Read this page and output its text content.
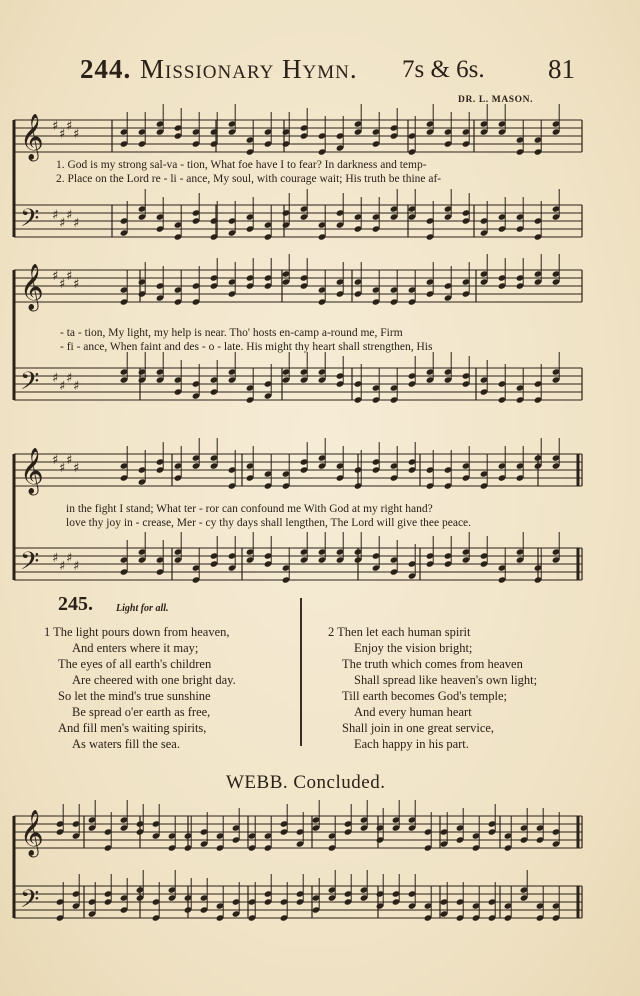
244. Missionary Hymn. 7s & 6s. 81
DR. L. MASON.
𝄞
𝄢
♯
♯
♯
♯
♯
♯
♯
♯
𝄞
𝄢
♯
♯
♯
♯
♯
♯
♯
♯
𝄞
𝄢
♯
♯
♯
♯
♯
♯
♯
♯
𝄞
𝄢
1. God is my strong sal-va - tion, What foe have I to fear? In darkness and temp-
2. Place on the Lord re - li - ance, My soul, with courage wait; His truth be thine af-
- ta - tion, My light, my help is near. Tho' hosts en-camp a-round me, Firm
- fi - ance, When faint and des - o - late. His might thy heart shall strengthen, His
in the fight I stand; What ter - ror can confound me With God at my right hand?
love thy joy in - crease, Mer - cy thy days shall lengthen, The Lord will give thee peace.
245. Light for all.
1 The light pours down from heaven,
And enters where it may;
The eyes of all earth's children
Are cheered with one bright day.
So let the mind's true sunshine
Be spread o'er earth as free,
And fill men's waiting spirits,
As waters fill the sea.
2 Then let each human spirit
Enjoy the vision bright;
The truth which comes from heaven
Shall spread like heaven's own light;
Till earth becomes God's temple;
And every human heart
Shall join in one great service,
Each happy in his part.
WEBB. Concluded.
